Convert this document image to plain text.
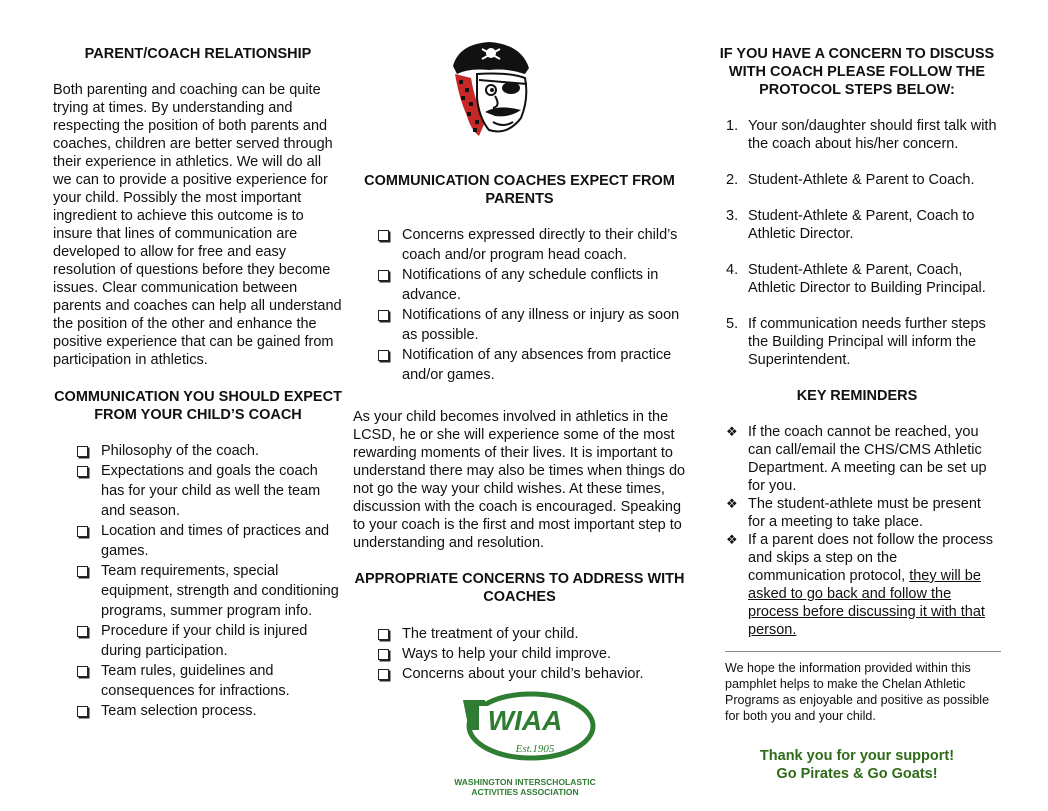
PARENT/COACH RELATIONSHIP

Both parenting and coaching can be quite trying at times. By understanding and respecting the position of both parents and coaches, children are better served through their experience in athletics. We will do all we can to provide a positive experience for your child. Possibly the most important ingredient to achieve this outcome is to insure that lines of communication are developed to allow for free and easy resolution of questions before they become issues. Clear communication between parents and coaches can help all understand the position of the other and enhance the positive experience that can be gained from participation in athletics.

COMMUNICATION YOU SHOULD EXPECT FROM YOUR CHILD’S COACH
Philosophy of the coach.
Expectations and goals the coach has for your child as well the team and season.
Location and times of practices and games.
Team requirements, special equipment, strength and conditioning programs, summer program info.
Procedure if your child is injured during participation.
Team rules, guidelines and consequences for infractions.
Team selection process.
COMMUNICATION COACHES EXPECT FROM PARENTS
Concerns expressed directly to their child’s coach and/or program head coach.
Notifications of any schedule conflicts in advance.
Notifications of any illness or injury as soon as possible.
Notification of any absences from practice and/or games.

As your child becomes involved in athletics in the LCSD, he or she will experience some of the most rewarding moments of their lives. It is important to understand there may also be times when things do not go the way your child wishes. At these times, discussion with the coach is encouraged. Speaking to your coach is the first and most important step to understanding and resolution.

APPROPRIATE CONCERNS TO ADDRESS WITH COACHES
The treatment of your child.
Ways to help your child improve.
Concerns about your child’s behavior.
WIAA
Est.1905
WASHINGTON INTERSCHOLASTIC
ACTIVITIES ASSOCIATION
IF YOU HAVE A CONCERN TO DISCUSS WITH COACH PLEASE FOLLOW THE PROTOCOL STEPS BELOW:
1. Your son/daughter should first talk with the coach about his/her concern.
2. Student-Athlete & Parent to Coach.
3. Student-Athlete & Parent, Coach to Athletic Director.
4. Student-Athlete & Parent, Coach, Athletic Director to Building Principal.
5. If communication needs further steps the Building Principal will inform the Superintendent.
KEY REMINDERS
❖ If the coach cannot be reached, you can call/email the CHS/CMS Athletic Department. A meeting can be set up for you.
❖ The student-athlete must be present for a meeting to take place.
❖ If a parent does not follow the process and skips a step on the communication protocol, they will be asked to go back and follow the process before discussing it with that person.

We hope the information provided within this pamphlet helps to make the Chelan Athletic Programs as enjoyable and positive as possible for both you and your child.

Thank you for your support!
Go Pirates & Go Goats!
